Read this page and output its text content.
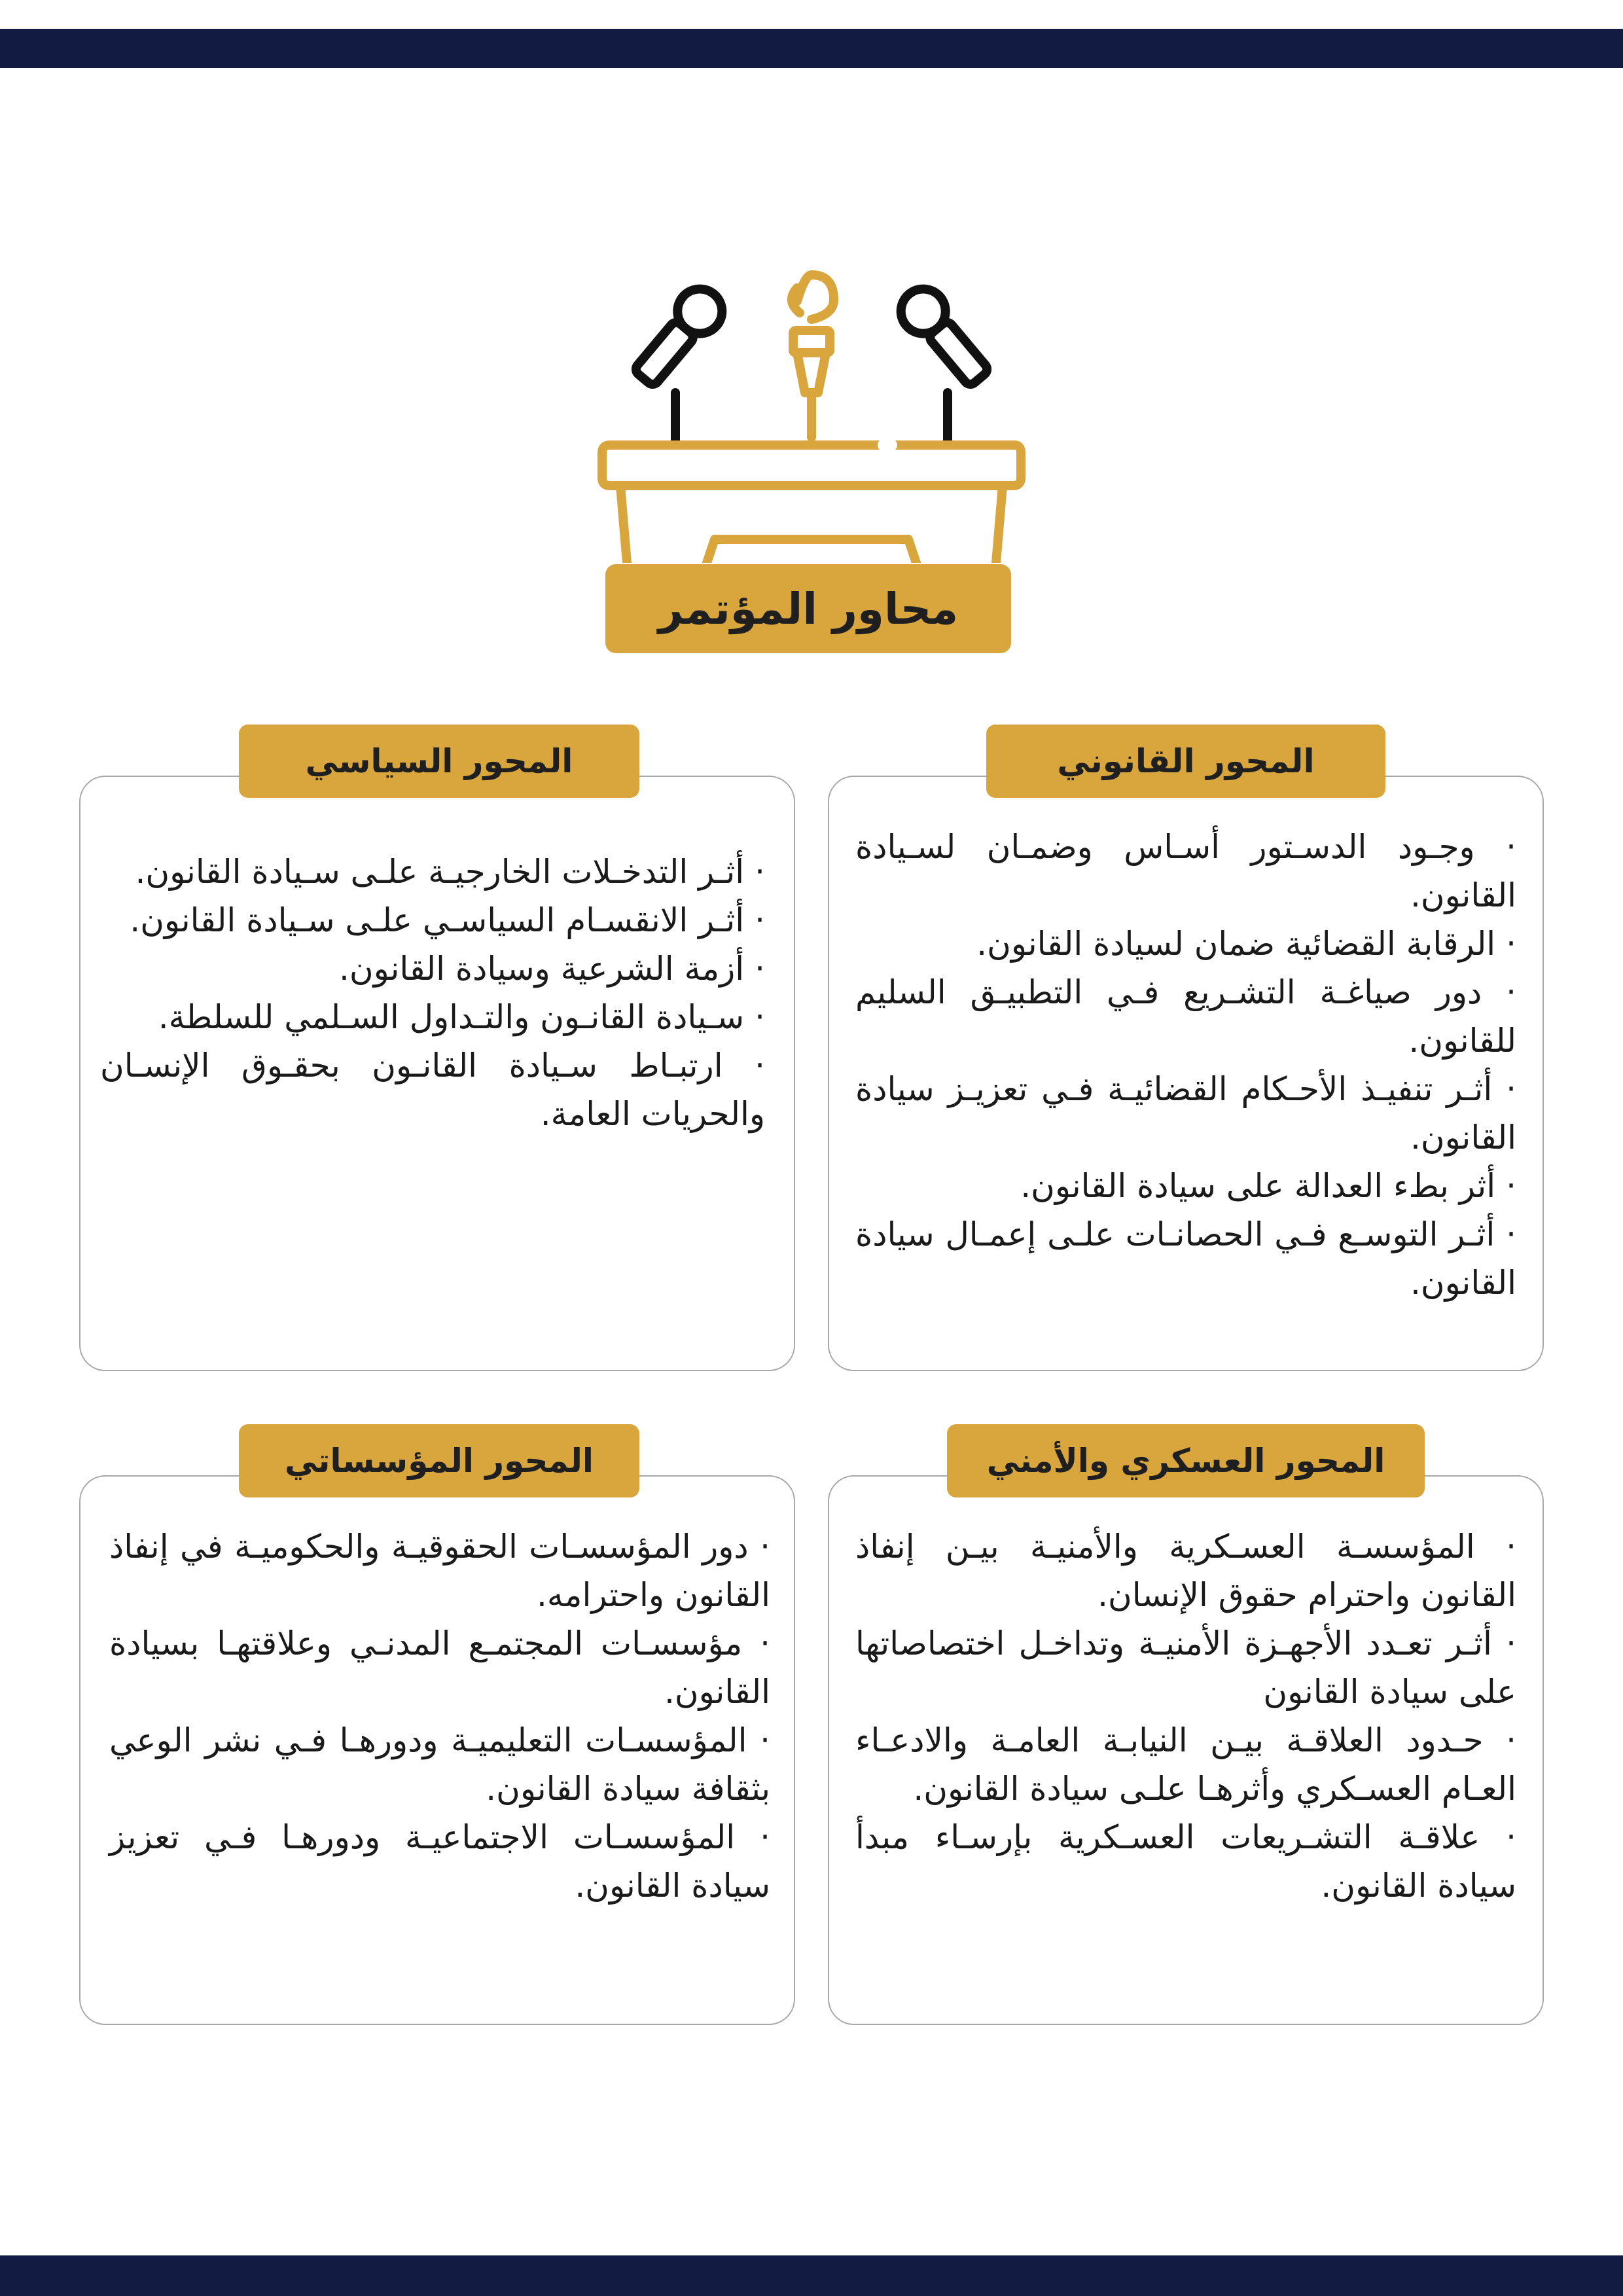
محاور المؤتمر
المحور القانوني
· وجـود الدسـتور أسـاس وضمـان لسـيادة القانون.
· الرقابة القضائية ضمان لسيادة القانون.
· دور صياغـة التشـريع فـي التطبيـق السليم للقانون.
· أثـر تنفيـذ الأحـكام القضائيـة فـي تعزيـز سيادة القانون.
· أثر بطء العدالة على سيادة القانون.
· أثـر التوسـع فـي الحصانـات علـى إعمـال سيادة القانون.
المحور السياسي
· أثـر التدخـلات الخارجيـة علـى سـيادة القانون.
· أثـر الانقسـام السياسـي علـى سـيادة القانون.
· أزمة الشرعية وسيادة القانون.
· سـيادة القانـون والتـداول السـلمي للسلطة.
· ارتبـاط سـيادة القانـون بحقـوق الإنسـان والحريات العامة.
المحور العسكري والأمني
· المؤسسـة العسـكرية والأمنيـة بيـن إنفاذ القانون واحترام حقوق الإنسان.
· أثـر تعـدد الأجهـزة الأمنيـة وتداخـل اختصاصاتها على سيادة القانون
· حـدود العلاقـة بيـن النيابـة العامـة والادعـاء العـام العسـكري وأثرهـا علـى سيادة القانون.
· علاقـة التشـريعات العسـكرية بإرسـاء مبدأ سيادة القانون.
المحور المؤسساتي
· دور المؤسسـات الحقوقيـة والحكوميـة في إنفاذ القانون واحترامه.
· مؤسسـات المجتمـع المدنـي وعلاقتهـا بسيادة القانون.
· المؤسسـات التعليميـة ودورهـا فـي نشر الوعي بثقافة سيادة القانون.
· المؤسسـات الاجتماعيـة ودورهـا فـي تعزيز سيادة القانون.
